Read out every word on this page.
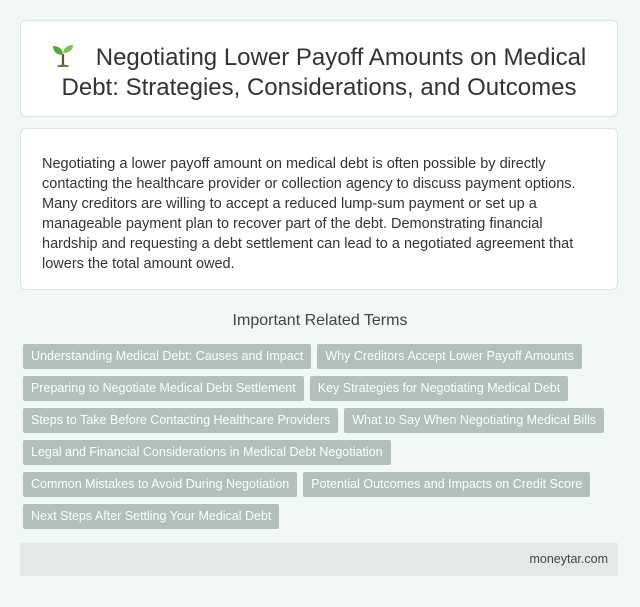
Negotiating Lower Payoff Amounts on Medical Debt: Strategies, Considerations, and Outcomes

Negotiating a lower payoff amount on medical debt is often possible by directly contacting the healthcare provider or collection agency to discuss payment options. Many creditors are willing to accept a reduced lump-sum payment or set up a manageable payment plan to recover part of the debt. Demonstrating financial hardship and requesting a debt settlement can lead to a negotiated agreement that lowers the total amount owed.

Important Related Terms
Understanding Medical Debt: Causes and Impact Why Creditors Accept Lower Payoff Amounts
Preparing to Negotiate Medical Debt Settlement Key Strategies for Negotiating Medical Debt
Steps to Take Before Contacting Healthcare Providers What to Say When Negotiating Medical Bills
Legal and Financial Considerations in Medical Debt Negotiation
Common Mistakes to Avoid During Negotiation Potential Outcomes and Impacts on Credit Score
Next Steps After Settling Your Medical Debt
moneytar.com
